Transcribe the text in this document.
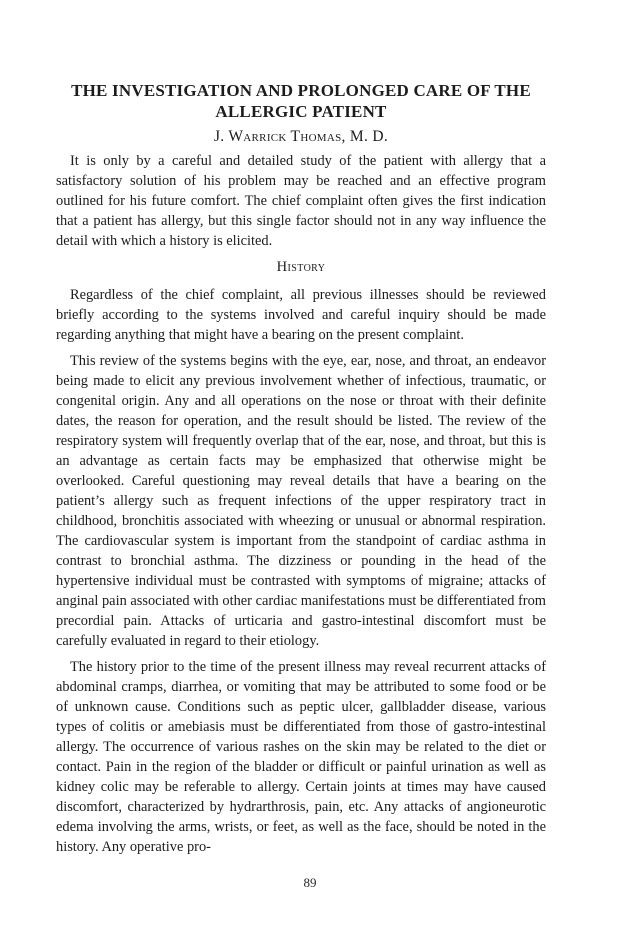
THE INVESTIGATION AND PROLONGED CARE OF THE
ALLERGIC PATIENT
J. Warrick Thomas, M. D.

It is only by a careful and detailed study of the patient with allergy that a satisfactory solution of his problem may be reached and an effective program outlined for his future comfort. The chief complaint often gives the first indication that a patient has allergy, but this single factor should not in any way influence the detail with which a history is elicited.

History

Regardless of the chief complaint, all previous illnesses should be reviewed briefly according to the systems involved and careful inquiry should be made regarding anything that might have a bearing on the present complaint.

This review of the systems begins with the eye, ear, nose, and throat, an endeavor being made to elicit any previous involvement whether of infectious, traumatic, or congenital origin. Any and all operations on the nose or throat with their definite dates, the reason for operation, and the result should be listed. The review of the respiratory system will frequently overlap that of the ear, nose, and throat, but this is an advantage as certain facts may be emphasized that otherwise might be overlooked. Careful questioning may reveal details that have a bearing on the patient’s allergy such as frequent infections of the upper respiratory tract in childhood, bronchitis associated with wheezing or unusual or abnormal respiration. The cardiovascular system is important from the standpoint of cardiac asthma in contrast to bronchial asthma. The dizziness or pounding in the head of the hypertensive individual must be contrasted with symptoms of migraine; attacks of anginal pain associated with other cardiac manifestations must be differentiated from precordial pain. Attacks of urticaria and gastro-intestinal discomfort must be carefully evaluated in regard to their etiology.

The history prior to the time of the present illness may reveal recurrent attacks of abdominal cramps, diarrhea, or vomiting that may be attributed to some food or be of unknown cause. Conditions such as peptic ulcer, gallbladder disease, various types of colitis or amebiasis must be differentiated from those of gastro-intestinal allergy. The occurrence of various rashes on the skin may be related to the diet or contact. Pain in the region of the bladder or difficult or painful urination as well as kidney colic may be referable to allergy. Certain joints at times may have caused discomfort, characterized by hydrarthrosis, pain, etc. Any attacks of angioneurotic edema involving the arms, wrists, or feet, as well as the face, should be noted in the history. Any operative pro-

89
